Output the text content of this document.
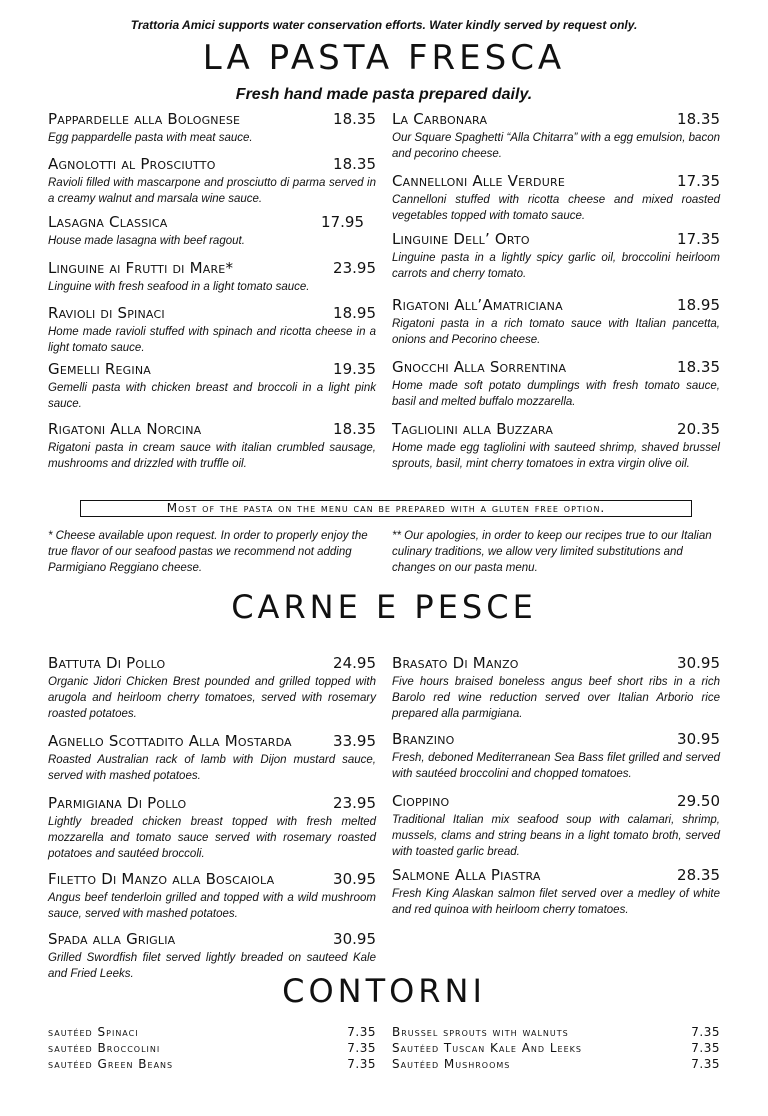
Trattoria Amici supports water conservation efforts. Water kindly served by request only.
LA PASTA FRESCA
Fresh hand made pasta prepared daily.
Pappardelle alla Bolognese	18.35
Egg pappardelle pasta with meat sauce.
Agnolotti al Prosciutto	18.35
Ravioli filled with mascarpone and prosciutto di parma served in a creamy walnut and marsala wine sauce.
Lasagna Classica	17.95
House made lasagna with beef ragout.
Linguine ai Frutti di Mare*	23.95
Linguine with fresh seafood in a light tomato sauce.
Ravioli di Spinaci	18.95
Home made ravioli stuffed with spinach and ricotta cheese in a light tomato sauce.
Gemelli Regina	19.35
Gemelli pasta with chicken breast and broccoli in a light pink sauce.
Rigatoni Alla Norcina	18.35
Rigatoni pasta in cream sauce with italian crumbled sausage, mushrooms and drizzled with truffle oil.
La Carbonara	18.35
Our Square Spaghetti “Alla Chitarra” with a egg emulsion, bacon and pecorino cheese.
Cannelloni Alle Verdure	17.35
Cannelloni stuffed with ricotta cheese and mixed roasted vegetables topped with tomato sauce.
Linguine Dell’ Orto	17.35
Linguine pasta in a lightly spicy garlic oil, broccolini heirloom carrots and cherry tomato.
Rigatoni All’Amatriciana	18.95
Rigatoni pasta in a rich tomato sauce with Italian pancetta, onions and Pecorino cheese.
Gnocchi Alla Sorrentina	18.35
Home made soft potato dumplings with fresh tomato sauce, basil and melted buffalo mozzarella.
Tagliolini alla Buzzara	20.35
Home made egg tagliolini with sauteed shrimp, shaved brussel sprouts, basil, mint cherry tomatoes in extra virgin olive oil.
Most of the pasta on the menu can be prepared with a gluten free option.
* Cheese available upon request. In order to properly enjoy the true flavor of our seafood pastas we recommend not adding Parmigiano Reggiano cheese.
** Our apologies, in order to keep our recipes true to our Italian culinary traditions, we allow very limited substitutions and changes on our pasta menu.
CARNE E PESCE
Battuta Di Pollo	24.95
Organic Jidori Chicken Brest pounded and grilled topped with arugola and heirloom cherry tomatoes, served with rosemary roasted potatoes.
Agnello Scottadito Alla Mostarda	33.95
Roasted Australian rack of lamb with Dijon mustard sauce, served with mashed potatoes.
Parmigiana Di Pollo	23.95
Lightly breaded chicken breast topped with fresh melted mozzarella and tomato sauce served with rosemary roasted potatoes and sautéed broccoli.
Filetto Di Manzo alla Boscaiola	30.95
Angus beef tenderloin grilled and topped with a wild mushroom sauce, served with mashed potatoes.
Spada alla Griglia	30.95
Grilled Swordfish filet served lightly breaded on sauteed Kale and Fried Leeks.
Brasato Di Manzo	30.95
Five hours braised boneless angus beef short ribs in a rich Barolo red wine reduction served over Italian Arborio rice prepared alla parmigiana.
Branzino	30.95
Fresh, deboned Mediterranean Sea Bass filet grilled and served with sautéed broccolini and chopped tomatoes.
Cioppino	29.50
Traditional Italian mix seafood soup with calamari, shrimp, mussels, clams and string beans in a light tomato broth, served with toasted garlic bread.
Salmone Alla Piastra	28.35
Fresh King Alaskan salmon filet served over a medley of white and red quinoa with heirloom cherry tomatoes.
CONTORNI
sautéed Spinaci	7.35
sautéed Broccolini	7.35
sautéed Green Beans	7.35
Brussel sprouts with walnuts	7.35
Sautéed Tuscan Kale And Leeks	7.35
Sautéed Mushrooms	7.35
